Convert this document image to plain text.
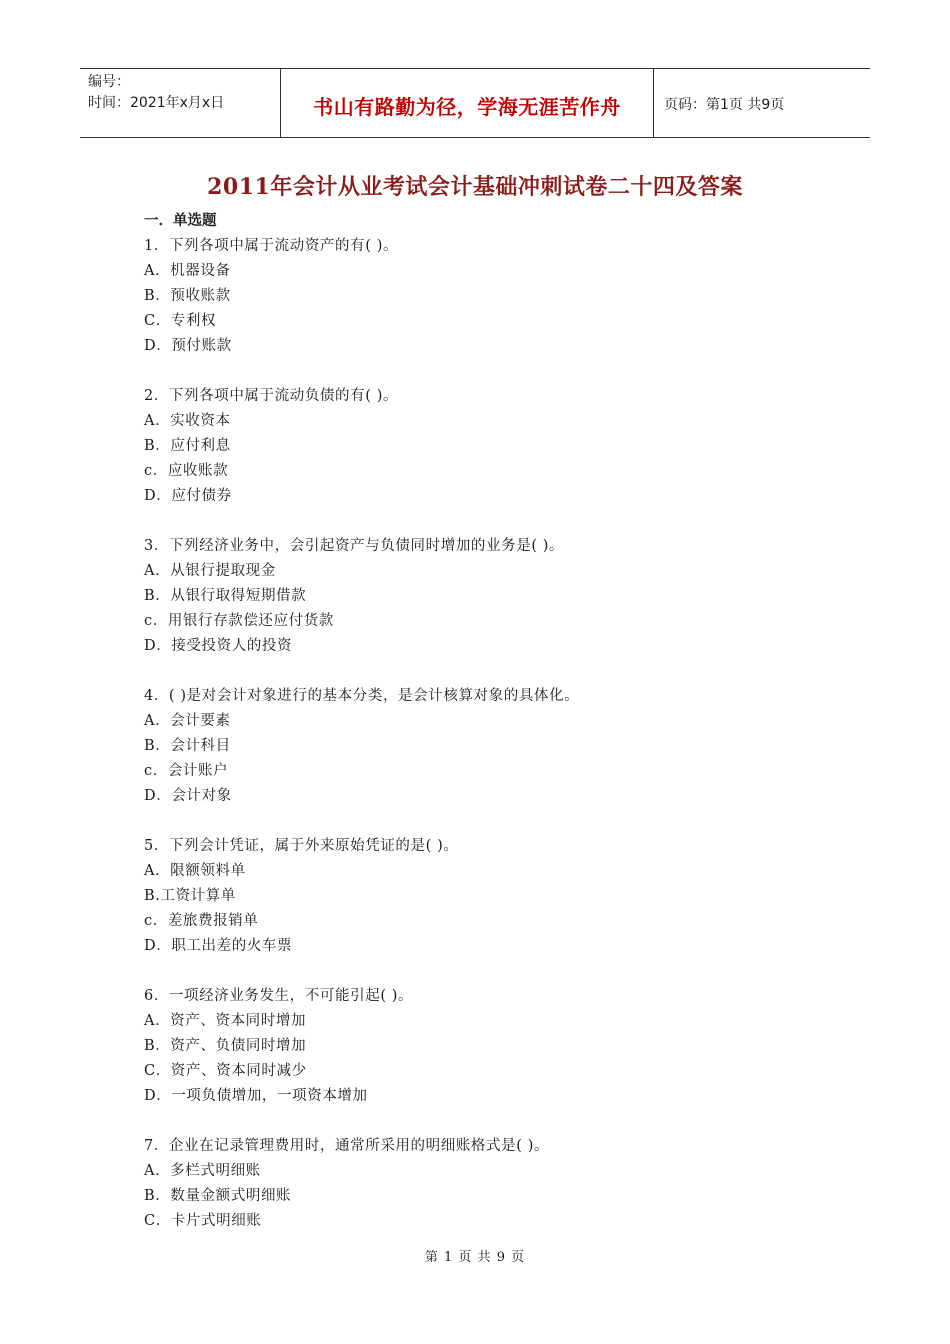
编号：
时间：2021年x月x日	书山有路勤为径，学海无涯苦作舟	页码：第1页 共9页
2011年会计从业考试会计基础冲刺试卷二十四及答案
一．单选题
1．下列各项中属于流动资产的有( )。
A．机器设备
B．预收账款
C．专利权
D．预付账款
2．下列各项中属于流动负债的有( )。
A．实收资本
B．应付利息
c．应收账款
D．应付债券
3．下列经济业务中，会引起资产与负债同时增加的业务是( )。
A．从银行提取现金
B．从银行取得短期借款
c．用银行存款偿还应付货款
D．接受投资人的投资
4．( )是对会计对象进行的基本分类，是会计核算对象的具体化。
A．会计要素
B．会计科目
c．会计账户
D．会计对象
5．下列会计凭证，属于外来原始凭证的是( )。
A．限额领料单
B.工资计算单
c．差旅费报销单
D．职工出差的火车票
6．一项经济业务发生，不可能引起( )。
A．资产、资本同时增加
B．资产、负债同时增加
C．资产、资本同时减少
D．一项负债增加，一项资本增加
7．企业在记录管理费用时，通常所采用的明细账格式是( )。
A．多栏式明细账
B．数量金额式明细账
C．卡片式明细账
第 1 页 共 9 页
